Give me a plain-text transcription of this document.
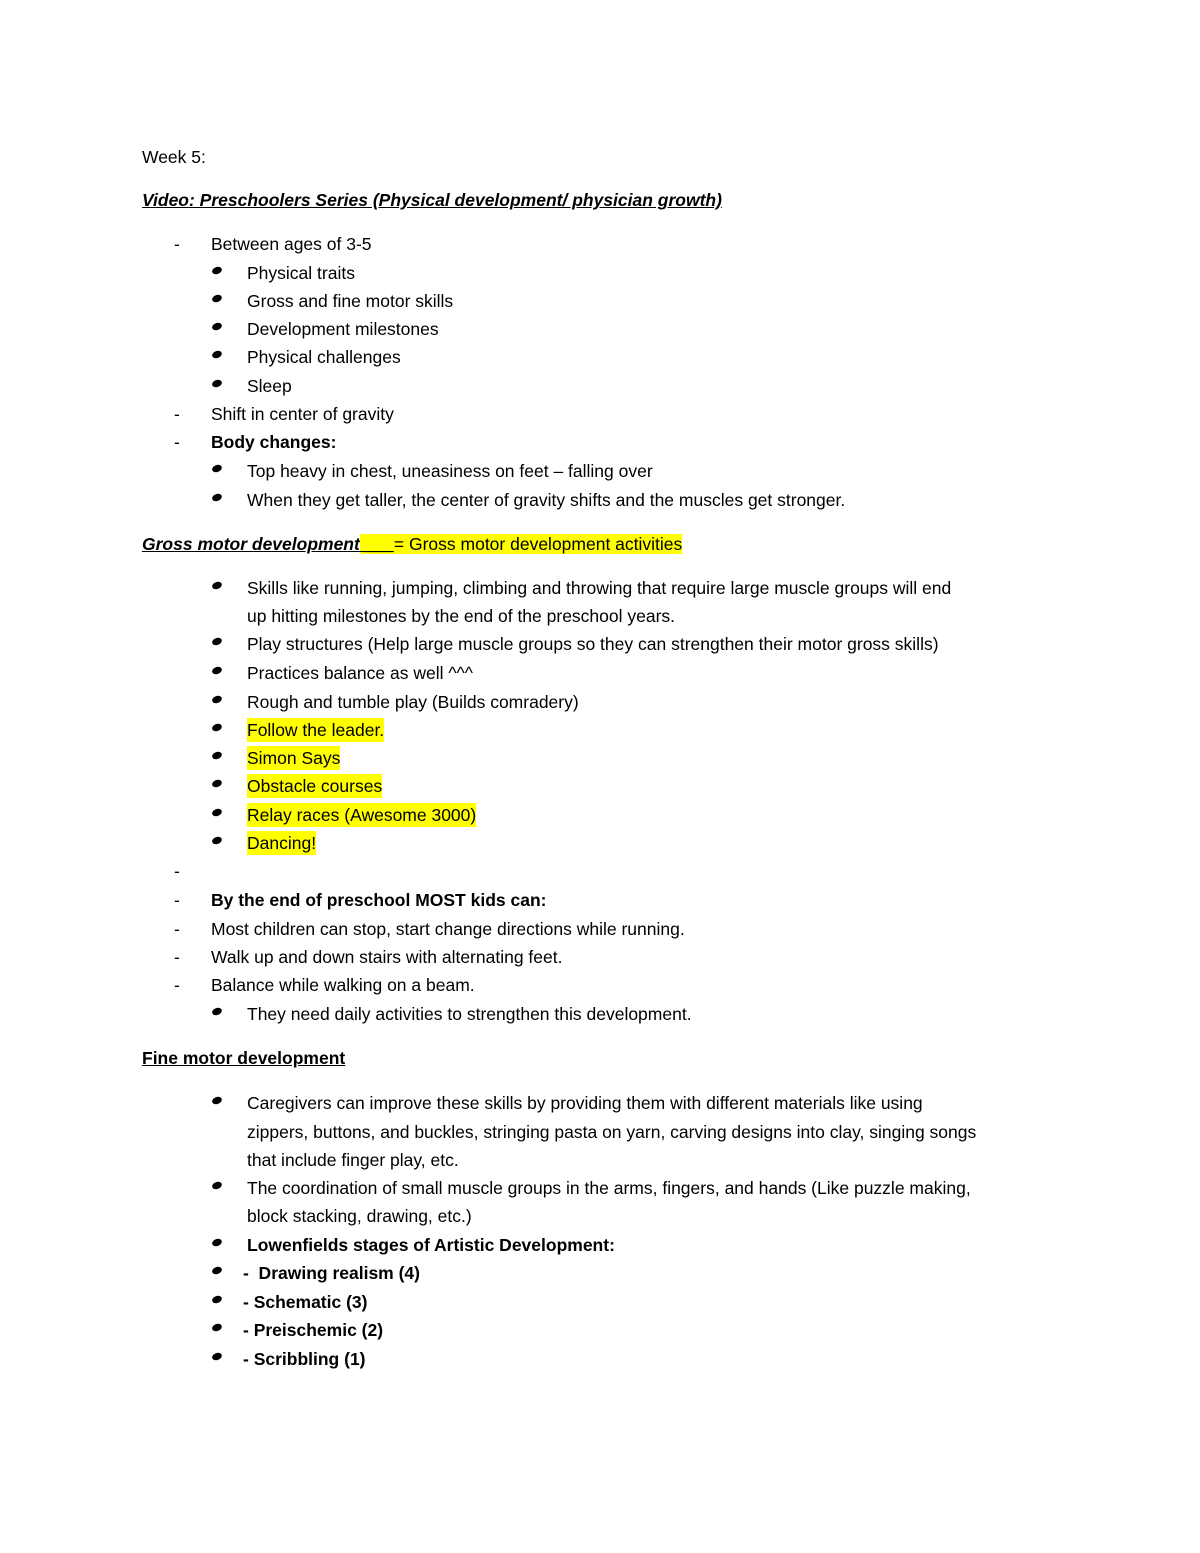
Week 5:
Video: Preschoolers Series (Physical development/ physician growth)
-	Between ages of 3-5
Physical traits
Gross and fine motor skills
Development milestones
Physical challenges
Sleep
-	Shift in center of gravity
-	Body changes:
Top heavy in chest, uneasiness on feet – falling over
When they get taller, the center of gravity shifts and the muscles get stronger.
Gross motor development ___= Gross motor development activities
Skills like running, jumping, climbing and throwing that require large muscle groups will end
up hitting milestones by the end of the preschool years.
Play structures (Help large muscle groups so they can strengthen their motor gross skills)
Practices balance as well ^^^
Rough and tumble play (Builds comradery)
Follow the leader.
Simon Says
Obstacle courses
Relay races (Awesome 3000)
Dancing!
-
-	By the end of preschool MOST kids can:
-	Most children can stop, start change directions while running.
-	Walk up and down stairs with alternating feet.
-	Balance while walking on a beam.
They need daily activities to strengthen this development.
Fine motor development
Caregivers can improve these skills by providing them with different materials like using
zippers, buttons, and buckles, stringing pasta on yarn, carving designs into clay, singing songs
that include finger play, etc.
The coordination of small muscle groups in the arms, fingers, and hands (Like puzzle making,
block stacking, drawing, etc.)
Lowenfields stages of Artistic Development:
-  Drawing realism (4)
- Schematic (3)
- Preischemic (2)
- Scribbling (1)
